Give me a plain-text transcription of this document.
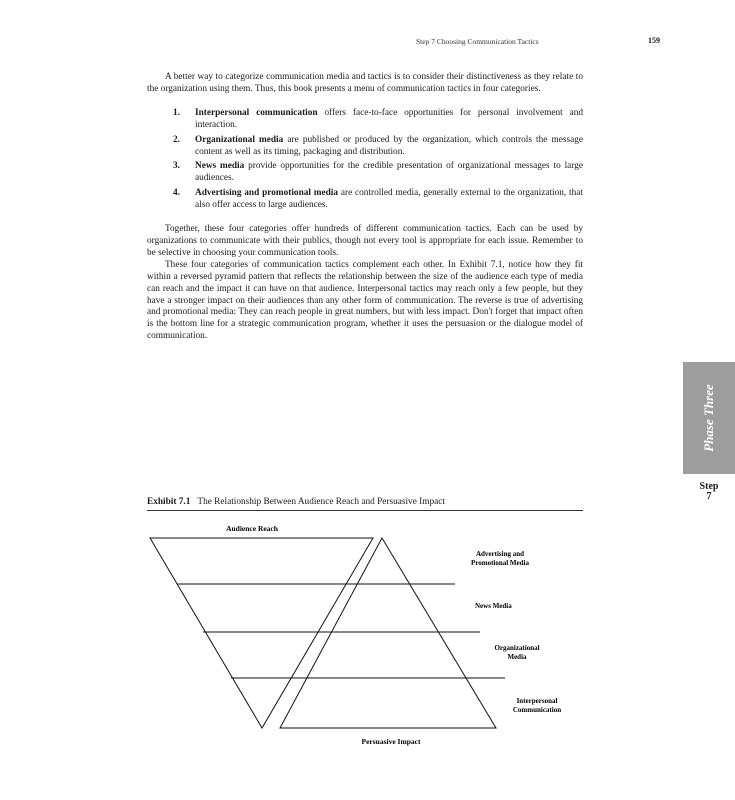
Step 7 Choosing Communication Tactics	159

A better way to categorize communication media and tactics is to consider their distinctiveness as they relate to the organization using them. Thus, this book presents a menu of communication tactics in four categories.

1. Interpersonal communication offers face-to-face opportunities for personal involvement and interaction.
2. Organizational media are published or produced by the organization, which controls the message content as well as its timing, packaging and distribution.
3. News media provide opportunities for the credible presentation of organizational messages to large audiences.
4. Advertising and promotional media are controlled media, generally external to the organization, that also offer access to large audiences.

Together, these four categories offer hundreds of different communication tactics. Each can be used by organizations to communicate with their publics, though not every tool is appropriate for each issue. Remember to be selective in choosing your communication tools.

These four categories of communication tactics complement each other. In Exhibit 7.1, notice how they fit within a reversed pyramid pattern that reflects the relationship between the size of the audience each type of media can reach and the impact it can have on that audience. Interpersonal tactics may reach only a few people, but they have a stronger impact on their audiences than any other form of communication. The reverse is true of advertising and promotional media: They can reach people in great numbers, but with less impact. Don't forget that impact often is the bottom line for a strategic communication program, whether it uses the persuasion or the dialogue model of communication.

Phase Three
Step
7
Exhibit 7.1 The Relationship Between Audience Reach and Persuasive Impact
Audience Reach
Advertising and
Promotional Media
News Media
Organizational
Media
Interpersonal
Communication
Persuasive Impact
